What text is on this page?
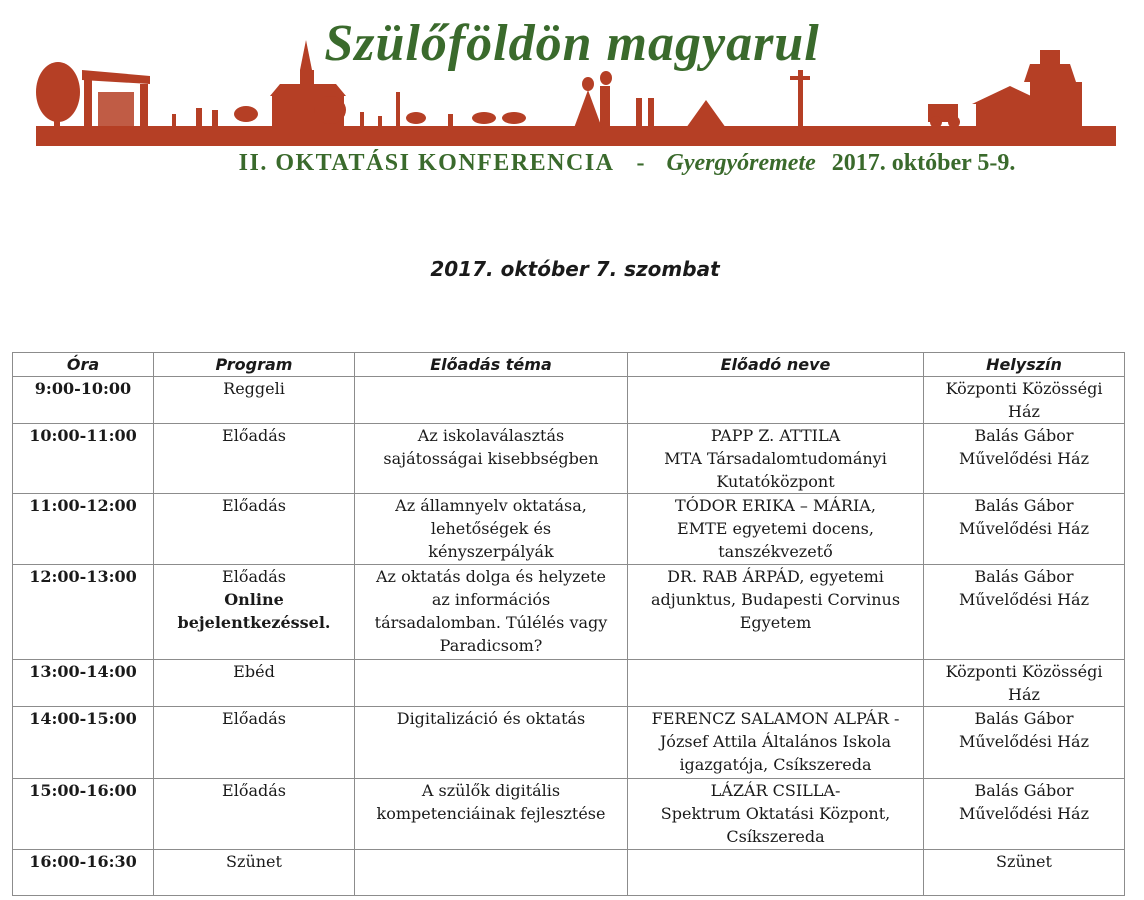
Szülőföldön magyarul
II. OKTATÁSI KONFERENCIA - Gyergyóremete 2017. október 5-9.
2017. október 7. szombat
Óra	Program	Előadás téma	Előadó neve	Helyszín
9:00-10:00	Reggeli			Központi Közösségi
Ház

10:00-11:00	Előadás	Az iskolaválasztás
sajátosságai kisebbségben	PAPP Z. ATTILA
MTA Társadalomtudományi
Kutatóközpont	Balás Gábor
Művelődési Ház

11:00-12:00	Előadás	Az államnyelv oktatása,
lehetőségek és
kényszerpályák	TÓDOR ERIKA – MÁRIA,
EMTE egyetemi docens,
tanszékvezető	Balás Gábor
Művelődési Ház

12:00-13:00	Előadás
Online
bejelentkezéssel.	Az oktatás dolga és helyzete
az információs
társadalomban. Túlélés vagy
Paradicsom?	DR. RAB ÁRPÁD, egyetemi
adjunktus, Budapesti Corvinus
Egyetem	Balás Gábor
Művelődési Ház

13:00-14:00	Ebéd			Központi Közösségi
Ház

14:00-15:00	Előadás	Digitalizáció és oktatás	FERENCZ SALAMON ALPÁR -
József Attila Általános Iskola
igazgatója, Csíkszereda	Balás Gábor
Művelődési Ház

15:00-16:00	Előadás	A szülők digitális
kompetenciáinak fejlesztése	LÁZÁR CSILLA-
Spektrum Oktatási Központ,
Csíkszereda	Balás Gábor
Művelődési Ház

16:00-16:30	Szünet			Szünet
